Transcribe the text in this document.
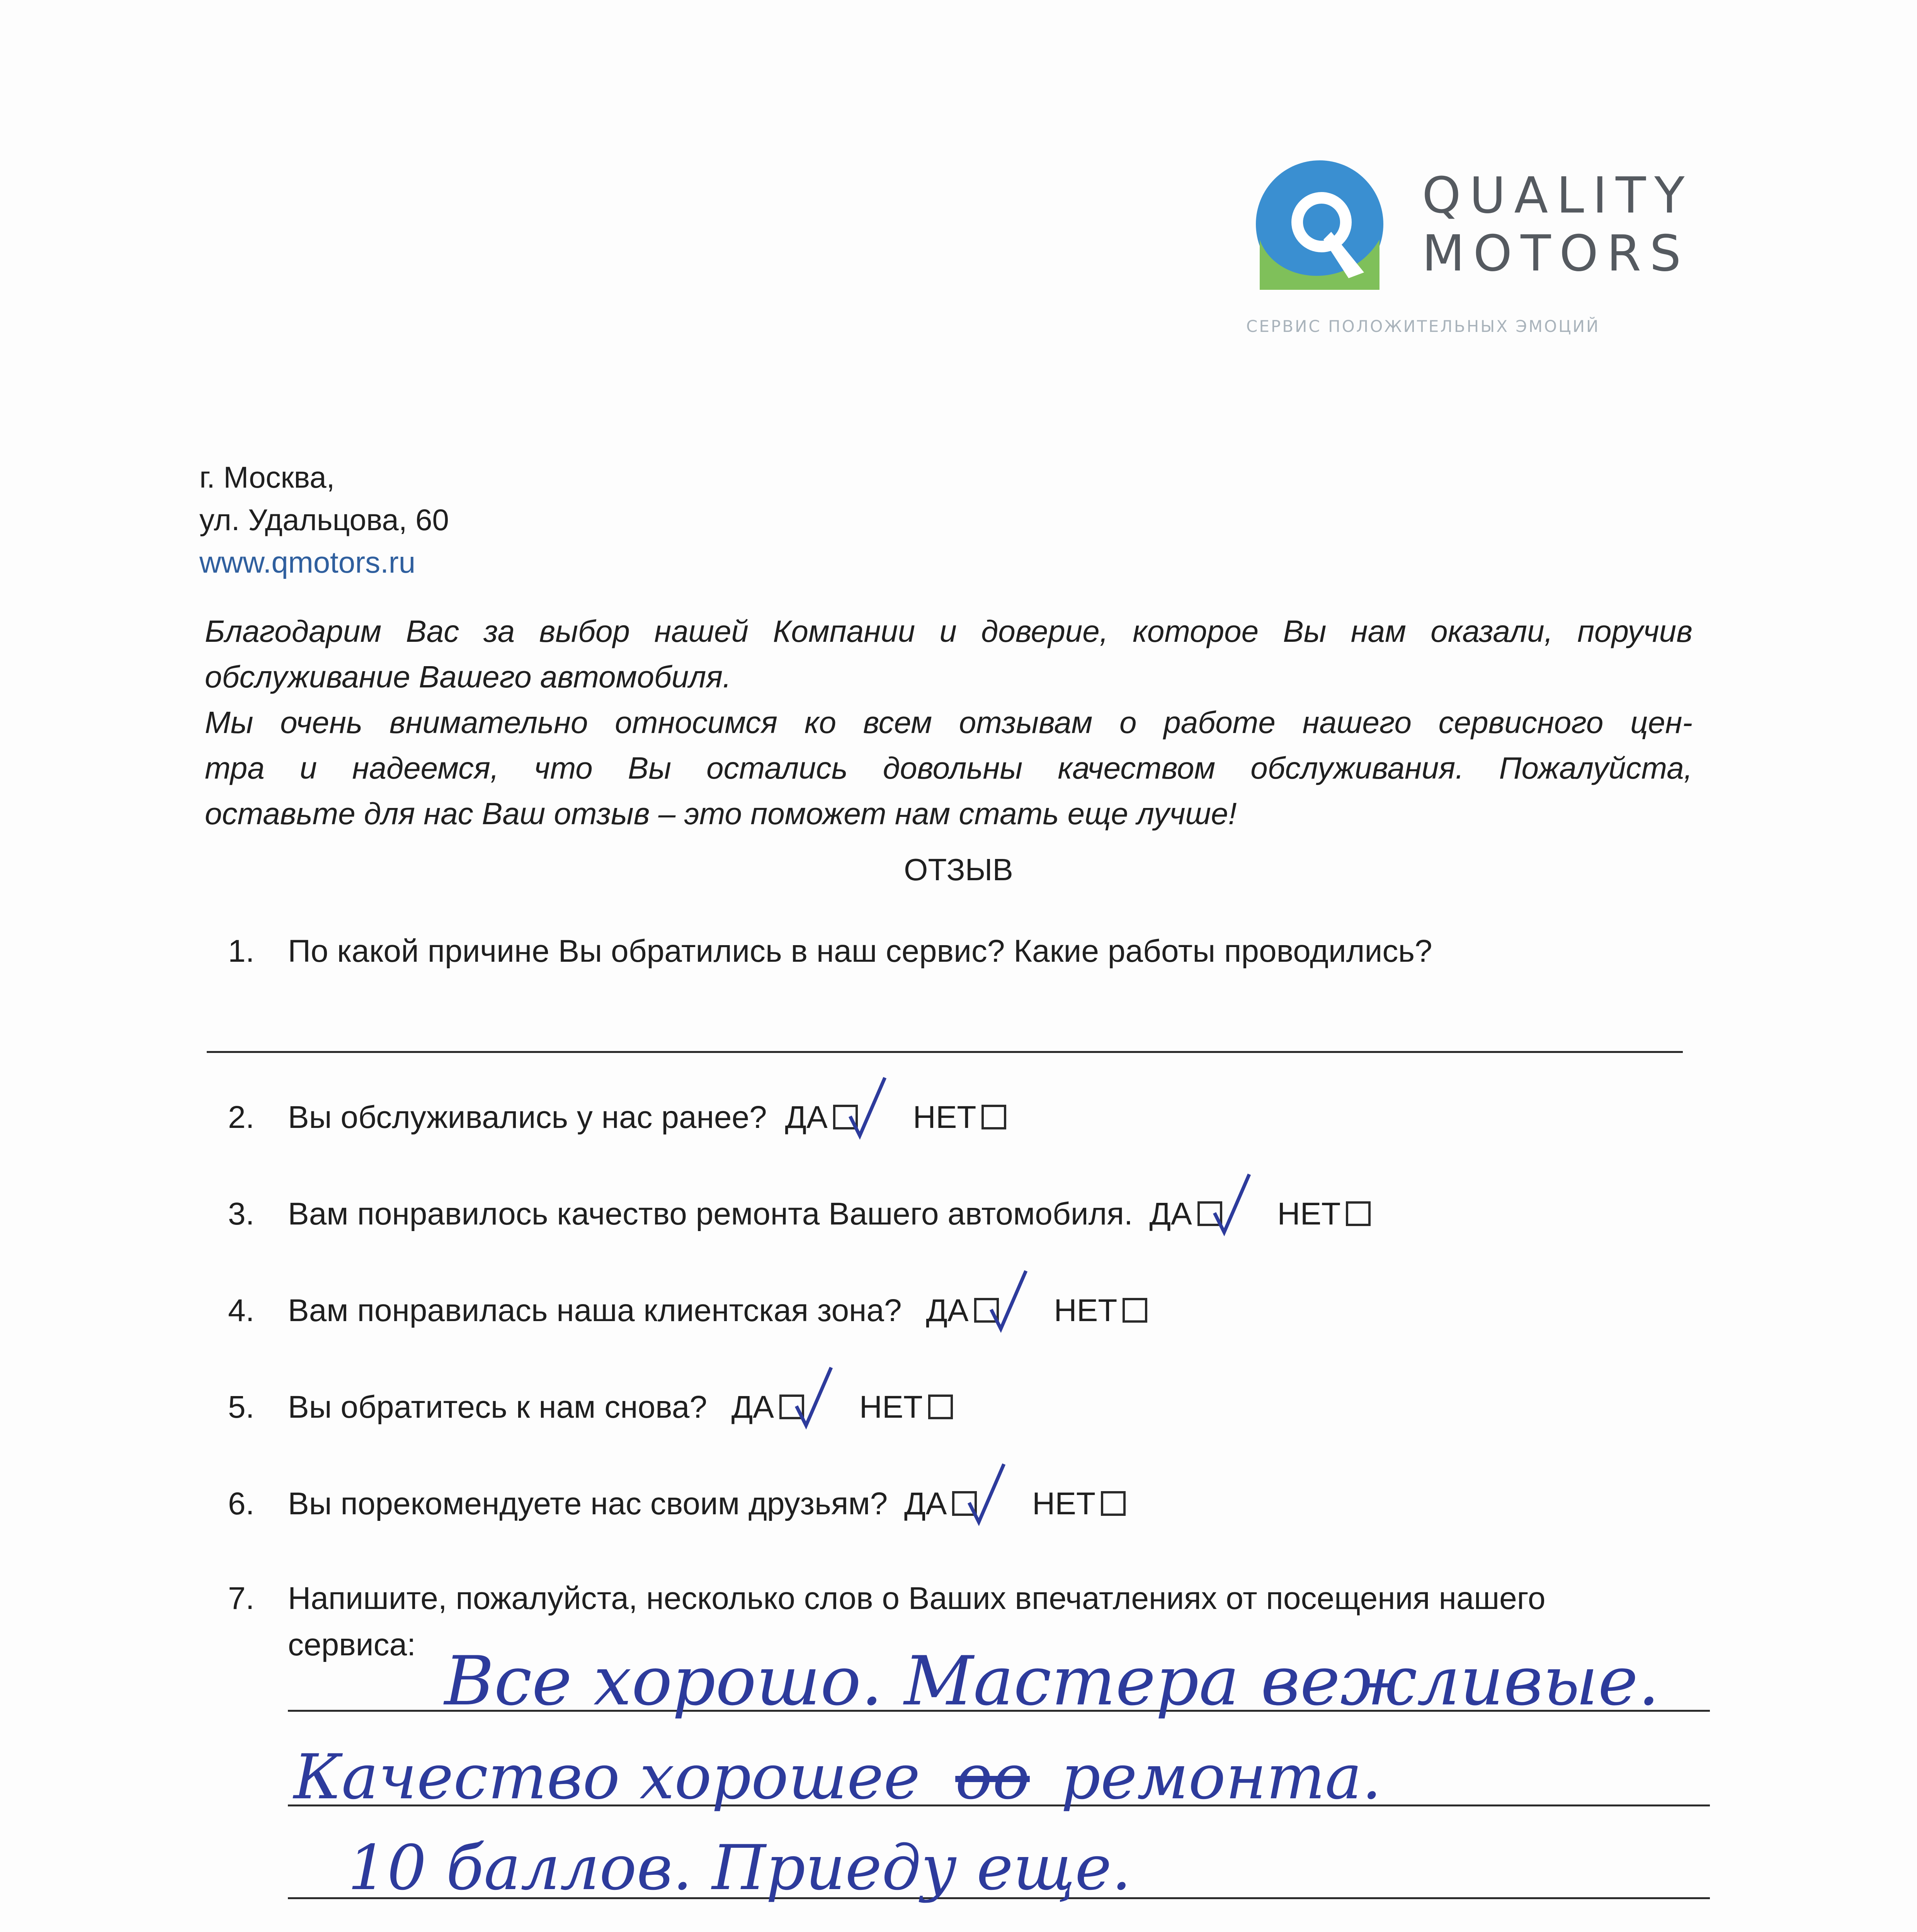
QUALITY
MOTORS
СЕРВИС ПОЛОЖИТЕЛЬНЫХ ЭМОЦИЙ
г. Москва,
ул. Удальцова, 60
www.qmotors.ru
Благодарим Вас за выбор нашей Компании и доверие, которое Вы нам оказали, поручив
обслуживание Вашего автомобиля.
Мы очень внимательно относимся ко всем отзывам о работе нашего сервисного цен-
тра и надеемся, что Вы остались довольны качеством обслуживания. Пожалуйста,
оставьте для нас Ваш отзыв – это поможет нам стать еще лучше!
ОТЗЫВ
1. По какой причине Вы обратились в наш сервис? Какие работы проводились?
2. Вы обслуживались у нас ранее? ДА	НЕТ
3. Вам понравилось качество ремонта Вашего автомобиля. ДА	НЕТ
4. Вам понравилась наша клиентская зона? ДА	НЕТ
5. Вы обратитесь к нам снова? ДА	НЕТ
6. Вы порекомендуете нас своим друзьям? ДА	НЕТ
7. Напишите, пожалуйста, несколько слов о Ваших впечатлениях от посещения нашего
сервиса: Все хорошо. Мастера вежливые.
Качество хорошее оо ремонта.
10 баллов. Приеду еще.
